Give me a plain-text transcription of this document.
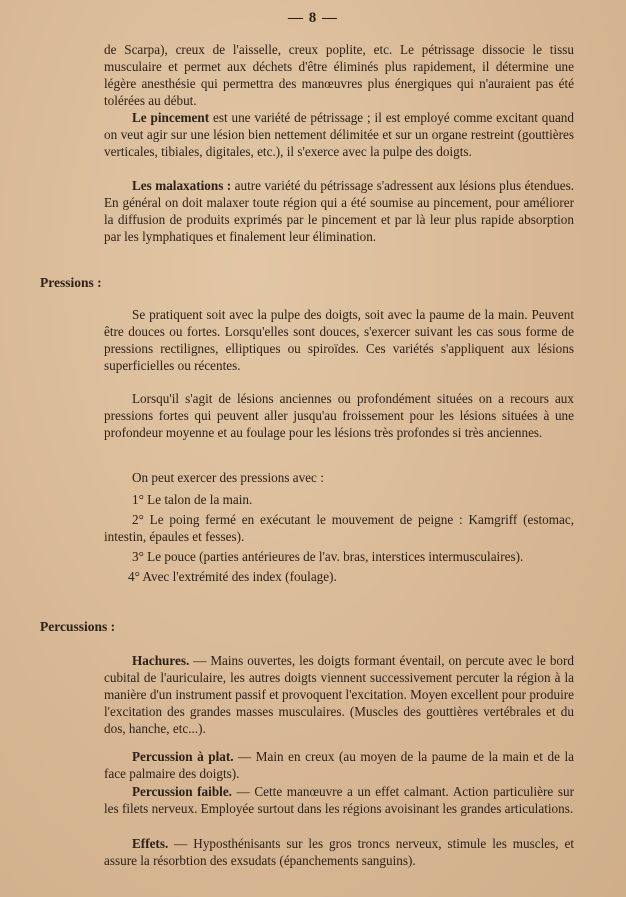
— 8 —

de Scarpa), creux de l'aisselle, creux poplite, etc. Le pétrissage dissocie le tissu musculaire et permet aux déchets d'être éliminés plus rapidement, il détermine une légère anesthésie qui permettra des manœuvres plus énergiques qui n'auraient pas été tolérées au début.

Le pincement est une variété de pétrissage ; il est employé comme excitant quand on veut agir sur une lésion bien nettement délimitée et sur un organe restreint (gouttières verticales, tibiales, digitales, etc.), il s'exerce avec la pulpe des doigts.

Les malaxations : autre variété du pétrissage s'adressent aux lésions plus étendues. En général on doit malaxer toute région qui a été soumise au pincement, pour améliorer la diffusion de produits exprimés par le pincement et par là leur plus rapide absorption par les lymphatiques et finalement leur élimination.

Pressions :

Se pratiquent soit avec la pulpe des doigts, soit avec la paume de la main. Peuvent être douces ou fortes. Lorsqu'elles sont douces, s'exercer suivant les cas sous forme de pressions rectilignes, elliptiques ou spiroïdes. Ces variétés s'appliquent aux lésions superficielles ou récentes.

Lorsqu'il s'agit de lésions anciennes ou profondément situées on a recours aux pressions fortes qui peuvent aller jusqu'au froissement pour les lésions situées à une profondeur moyenne et au foulage pour les lésions très profondes si très anciennes.

On peut exercer des pressions avec :

1° Le talon de la main.

2° Le poing fermé en exécutant le mouvement de peigne : Kamgriff (estomac, intestin, épaules et fesses).

3° Le pouce (parties antérieures de l'av. bras, interstices intermusculaires).

4° Avec l'extrémité des index (foulage).

Percussions :

Hachures. — Mains ouvertes, les doigts formant éventail, on percute avec le bord cubital de l'auriculaire, les autres doigts viennent successivement percuter la région à la manière d'un instrument passif et provoquent l'excitation. Moyen excellent pour produire l'excitation des grandes masses musculaires. (Muscles des gouttières vertébrales et du dos, hanche, etc...).

Percussion à plat. — Main en creux (au moyen de la paume de la main et de la face palmaire des doigts).

Percussion faible. — Cette manœuvre a un effet calmant. Action particulière sur les filets nerveux. Employée surtout dans les régions avoisinant les grandes articulations.

Effets. — Hyposthénisants sur les gros troncs nerveux, stimule les muscles, et assure la résorbtion des exsudats (épanchements sanguins).
